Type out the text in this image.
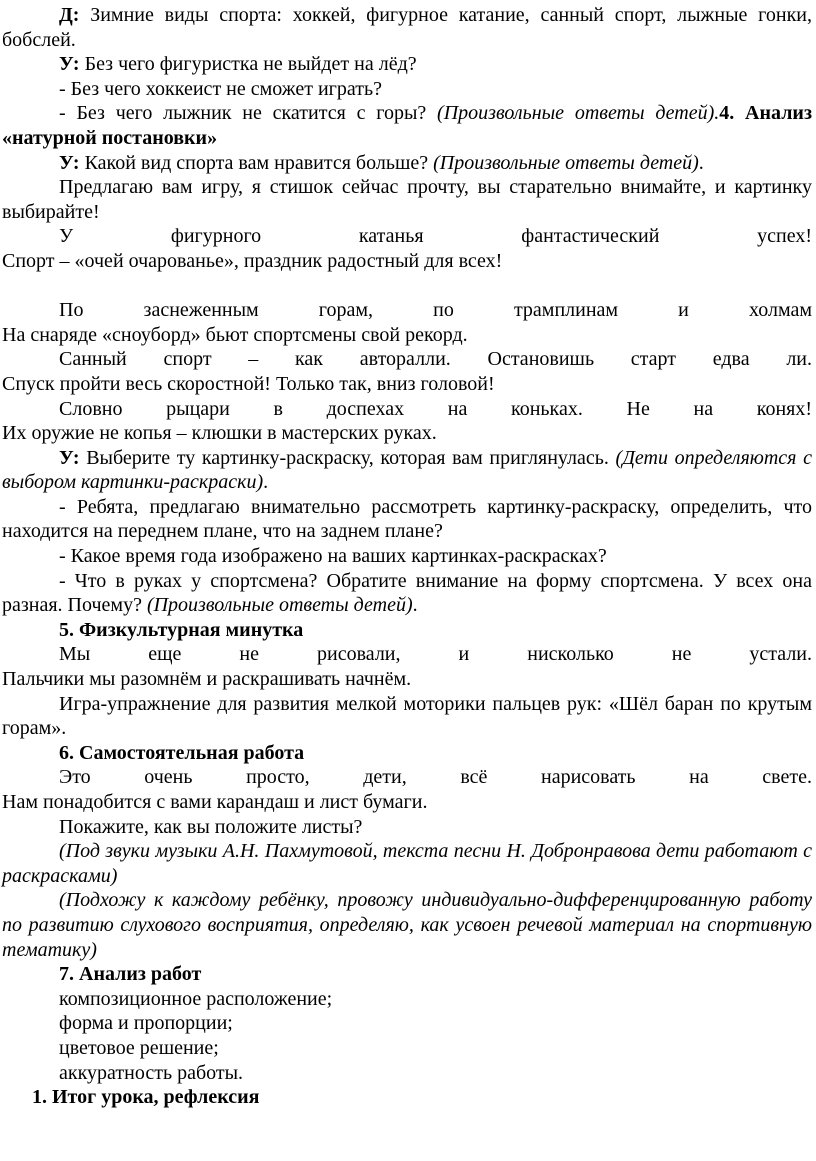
Д: Зимние виды спорта: хоккей, фигурное катание, санный спорт, лыжные гонки, бобслей.

У: Без чего фигуристка не выйдет на лёд?

- Без чего хоккеист не сможет играть?

- Без чего лыжник не скатится с горы? (Произвольные ответы детей).4. Анализ «натурной постановки»

У: Какой вид спорта вам нравится больше? (Произвольные ответы детей).

Предлагаю вам игру, я стишок сейчас прочту, вы старательно внимайте, и картинку выбирайте!

У фигурного катанья фантастический успех!

Спорт – «очей очарованье», праздник радостный для всех!

По заснеженным горам, по трамплинам и холмам

На снаряде «сноуборд» бьют спортсмены свой рекорд.

Санный спорт – как авторалли. Остановишь старт едва ли.

Спуск пройти весь скоростной! Только так, вниз головой!

Словно рыцари в доспехах на коньках. Не на конях!

Их оружие не копья – клюшки в мастерских руках.

У: Выберите ту картинку-раскраску, которая вам приглянулась. (Дети определяются с выбором картинки-раскраски).

- Ребята, предлагаю внимательно рассмотреть картинку-раскраску, определить, что находится на переднем плане, что на заднем плане?

- Какое время года изображено на ваших картинках-раскрасках?

- Что в руках у спортсмена? Обратите внимание на форму спортсмена. У всех она разная. Почему? (Произвольные ответы детей).

5. Физкультурная минутка

Мы еще не рисовали, и нисколько не устали.

Пальчики мы разомнём и раскрашивать начнём.

Игра-упражнение для развития мелкой моторики пальцев рук: «Шёл баран по крутым горам».

6. Самостоятельная работа

Это очень просто, дети, всё нарисовать на свете.

Нам понадобится с вами карандаш и лист бумаги.

Покажите, как вы положите листы?

(Под звуки музыки А.Н. Пахмутовой, текста песни Н. Добронравова дети работают с раскрасками)

(Подхожу к каждому ребёнку, провожу индивидуально-дифференцированную работу по развитию слухового восприятия, определяю, как усвоен речевой материал на спортивную тематику)

7. Анализ работ

композиционное расположение;

форма и пропорции;

цветовое решение;

аккуратность работы.

1. Итог урока, рефлексия
